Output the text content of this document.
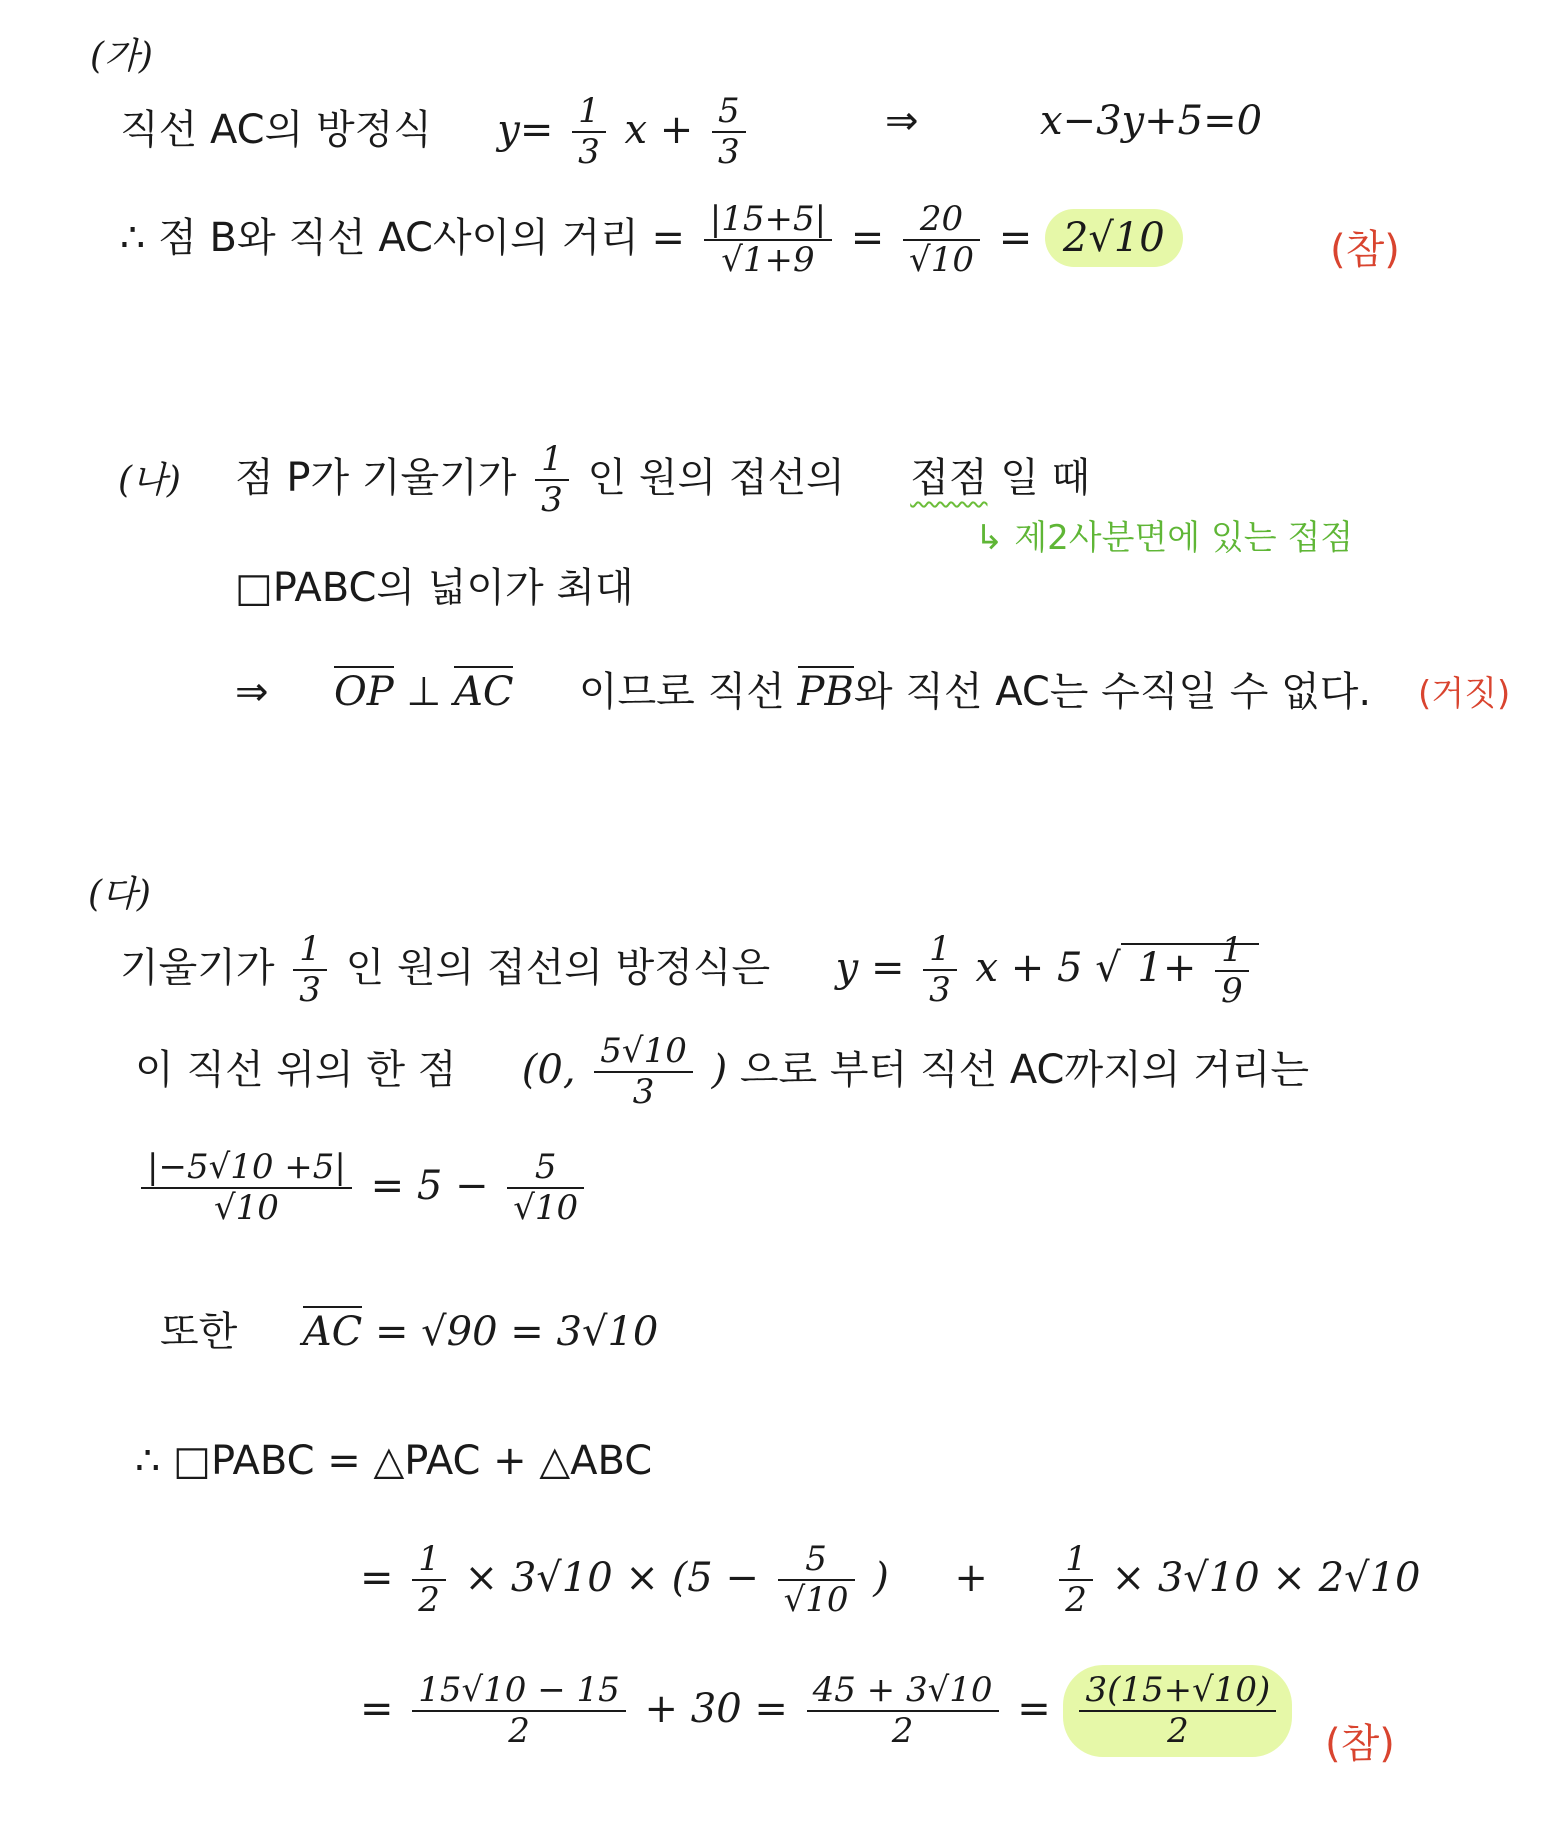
(가)
직선 AC의 방정식 $y= \frac{1}{3}$ $x + \frac{5}{3}$	⇒	x−3y+5=0
∴ 점 B와 직선 AC사이의 거리 = $\frac{|15+5|}{√1+9} = \frac{20}{√10} = 2√10$	(참)
(나) 점 P가 기울기가 $\frac{1}{3}$ 인 원의 접선의 접점 일 때
↳ 제2사분면에 있는 접점
□PABC의 넓이가 최대
⇒ OP ⊥ AC 이므로 직선 PB와 직선 AC는 수직일 수 없다. (거짓)
(다)
기울기가 $\frac{1}{3}$ 인 원의 접선의 방정식은 $y = \frac{1}{3}$ x + 5 √ $1+ \frac{1}{9}$
이 직선 위의 한 점 (0, $\frac{5√10}{3}$ ) 으로 부터 직선 AC까지의 거리는
$\frac{|-5√10 +5|}{√10} = 5 - \frac{5}{√10}$
또한 AC = √90 = 3√10
∴ □PABC = △PAC + △ABC
= $\frac{1}{2} \times 3√10 \times (5 - \frac{5}{√10}$ ) + $\frac{1}{2} \times 3√10 \times 2√10$
= $\frac{15√10 - 15}{2} + 30 = \frac{45 + 3√10}{2} = \frac{3(15+√10)}{2}$ (참)
